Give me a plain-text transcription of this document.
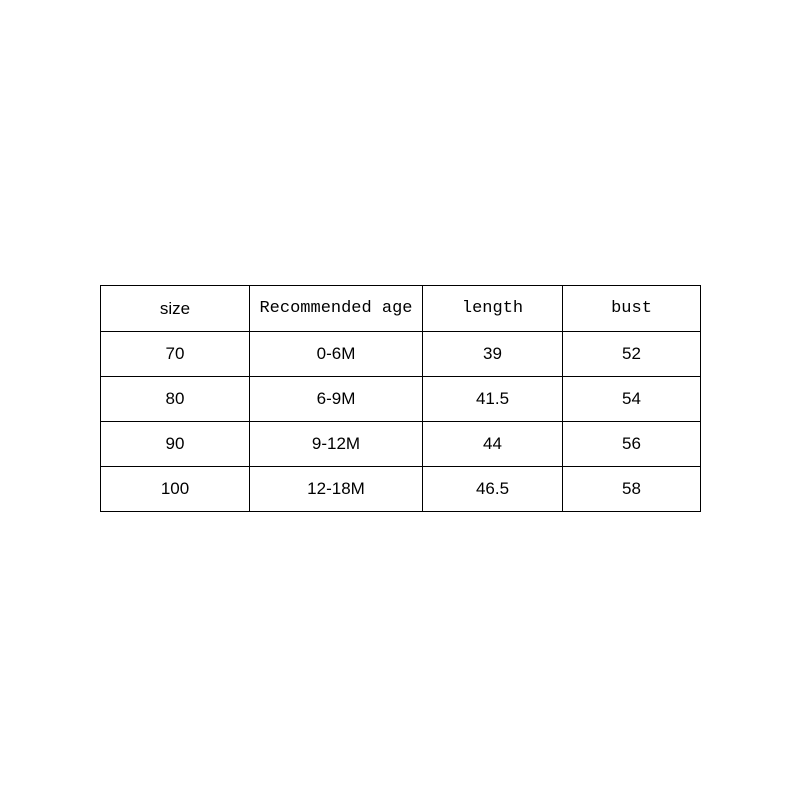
size	Recommended age	length	bust
70	0-6M	39	52
80	6-9M	41.5	54
90	9-12M	44	56
100	12-18M	46.5	58
